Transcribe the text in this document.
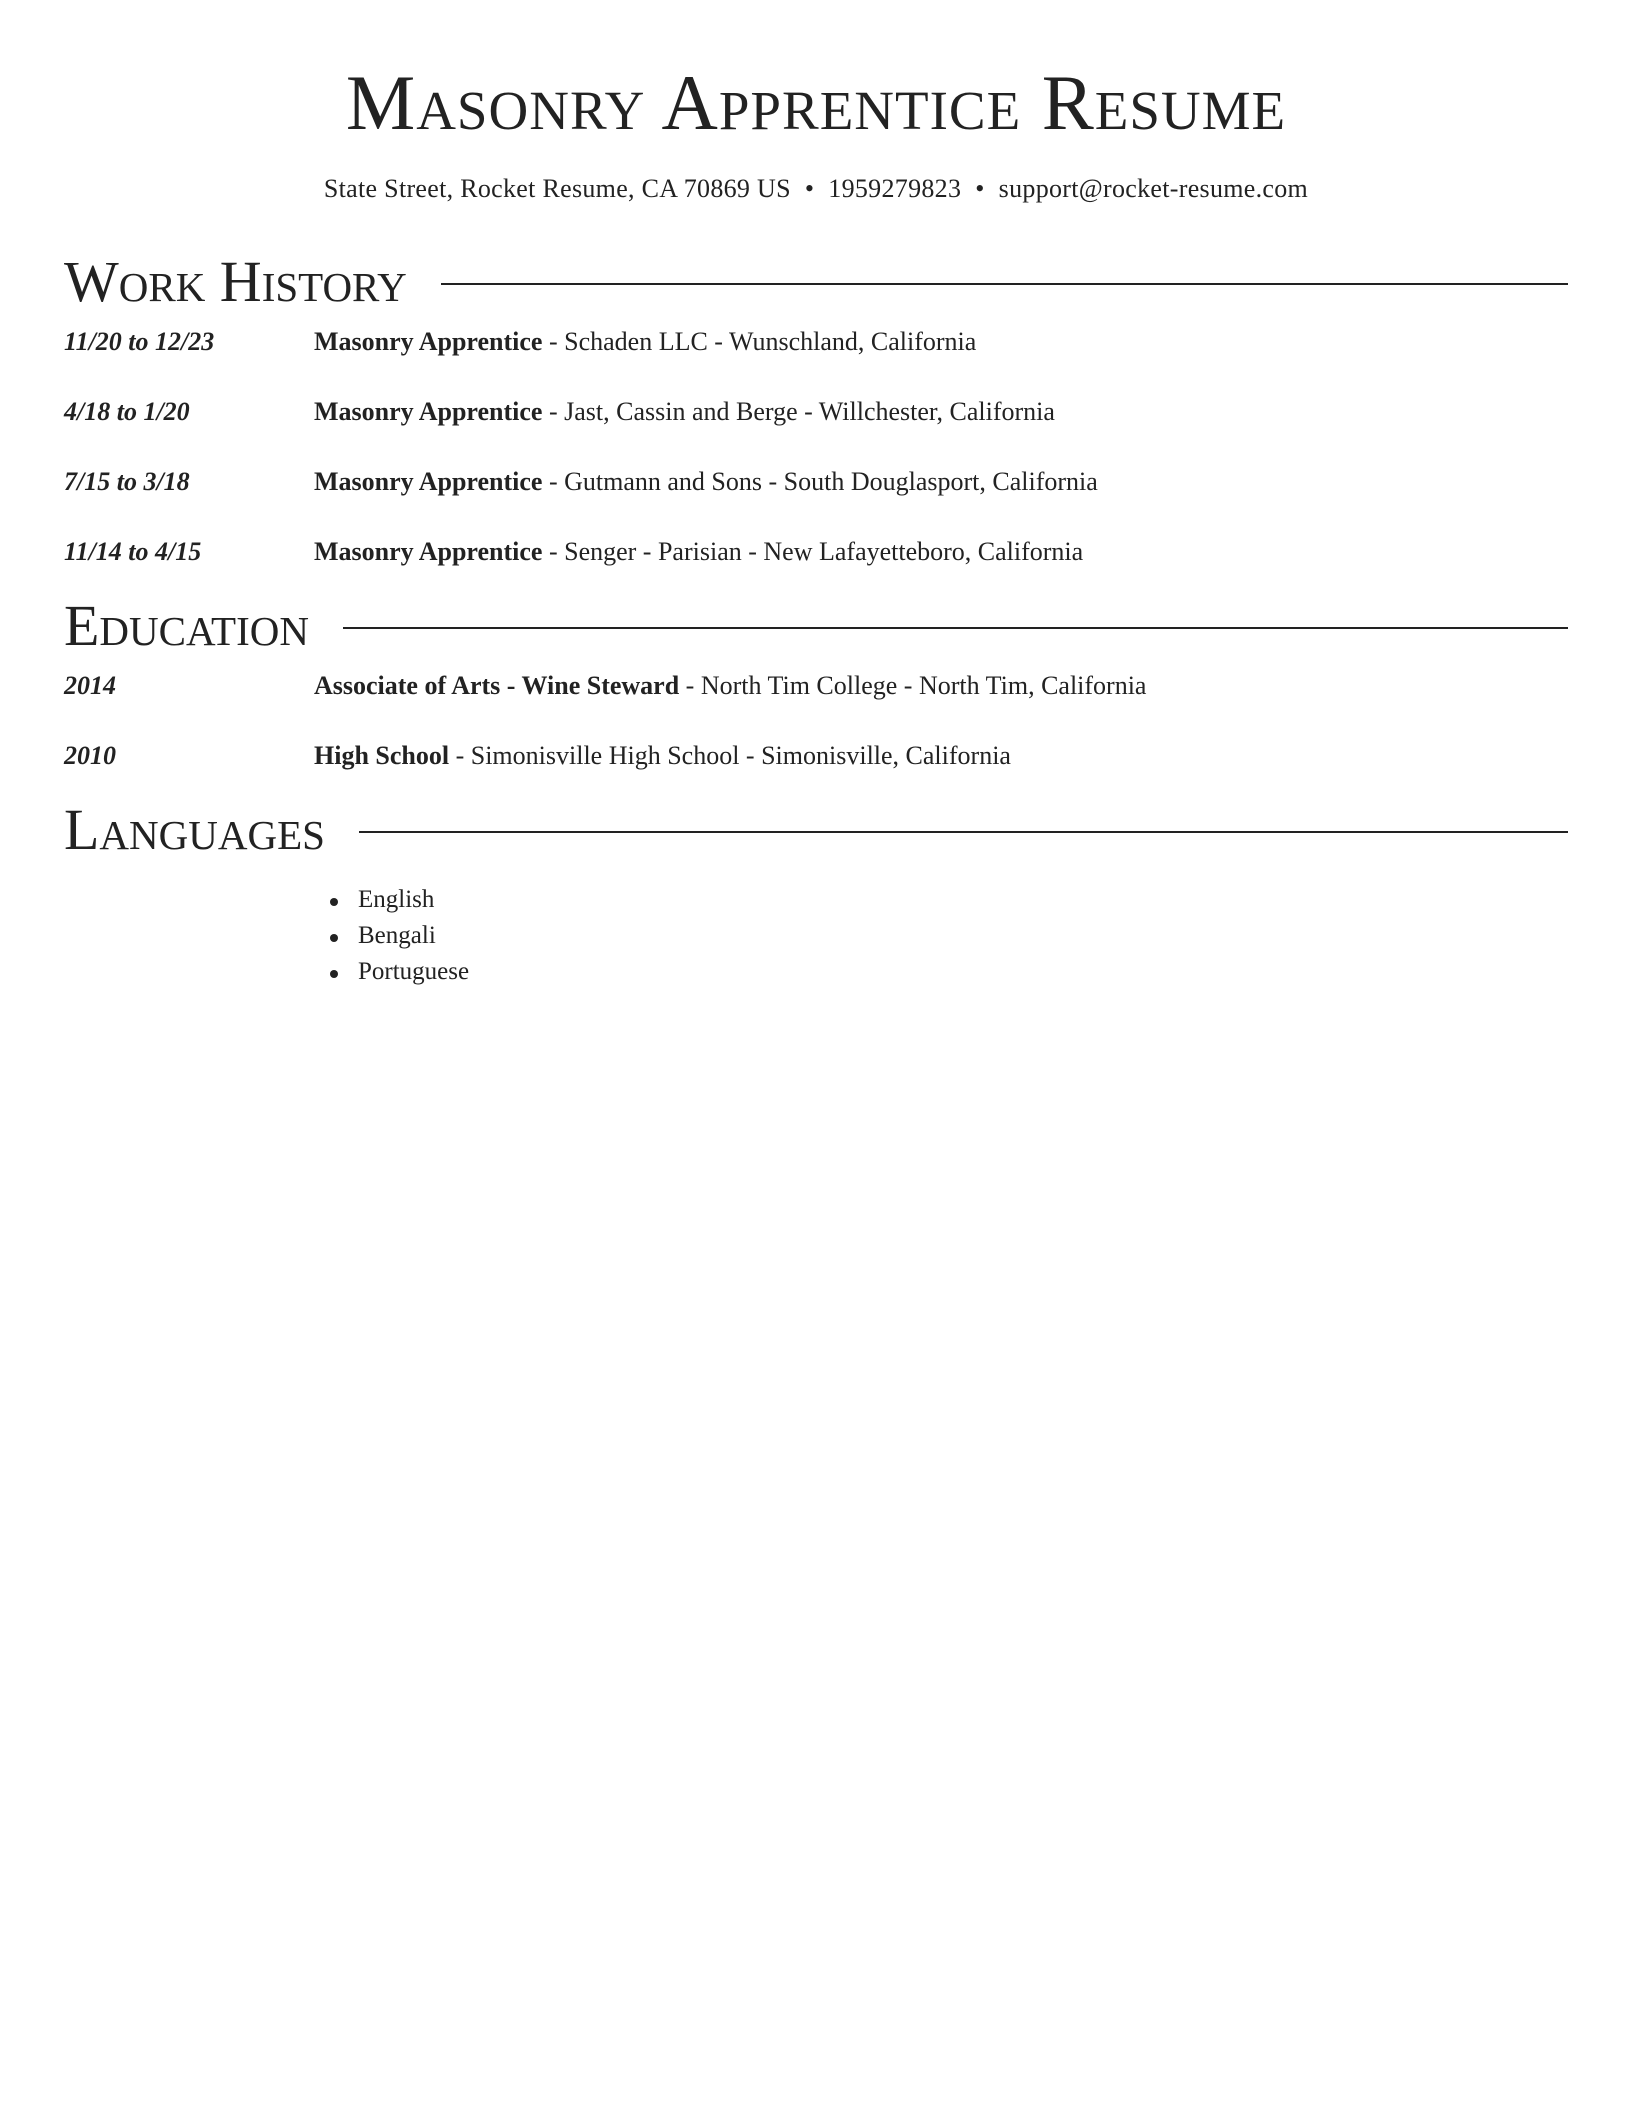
Masonry Apprentice Resume
State Street, Rocket Resume, CA 70869 US • 1959279823 • support@rocket-resume.com
Work History
11/20 to 12/23	Masonry Apprentice - Schaden LLC - Wunschland, California
4/18 to 1/20	Masonry Apprentice - Jast, Cassin and Berge - Willchester, California
7/15 to 3/18	Masonry Apprentice - Gutmann and Sons - South Douglasport, California
11/14 to 4/15	Masonry Apprentice - Senger - Parisian - New Lafayetteboro, California
Education
2014	Associate of Arts - Wine Steward - North Tim College - North Tim, California
2010	High School - Simonisville High School - Simonisville, California
Languages
English
Bengali
Portuguese
